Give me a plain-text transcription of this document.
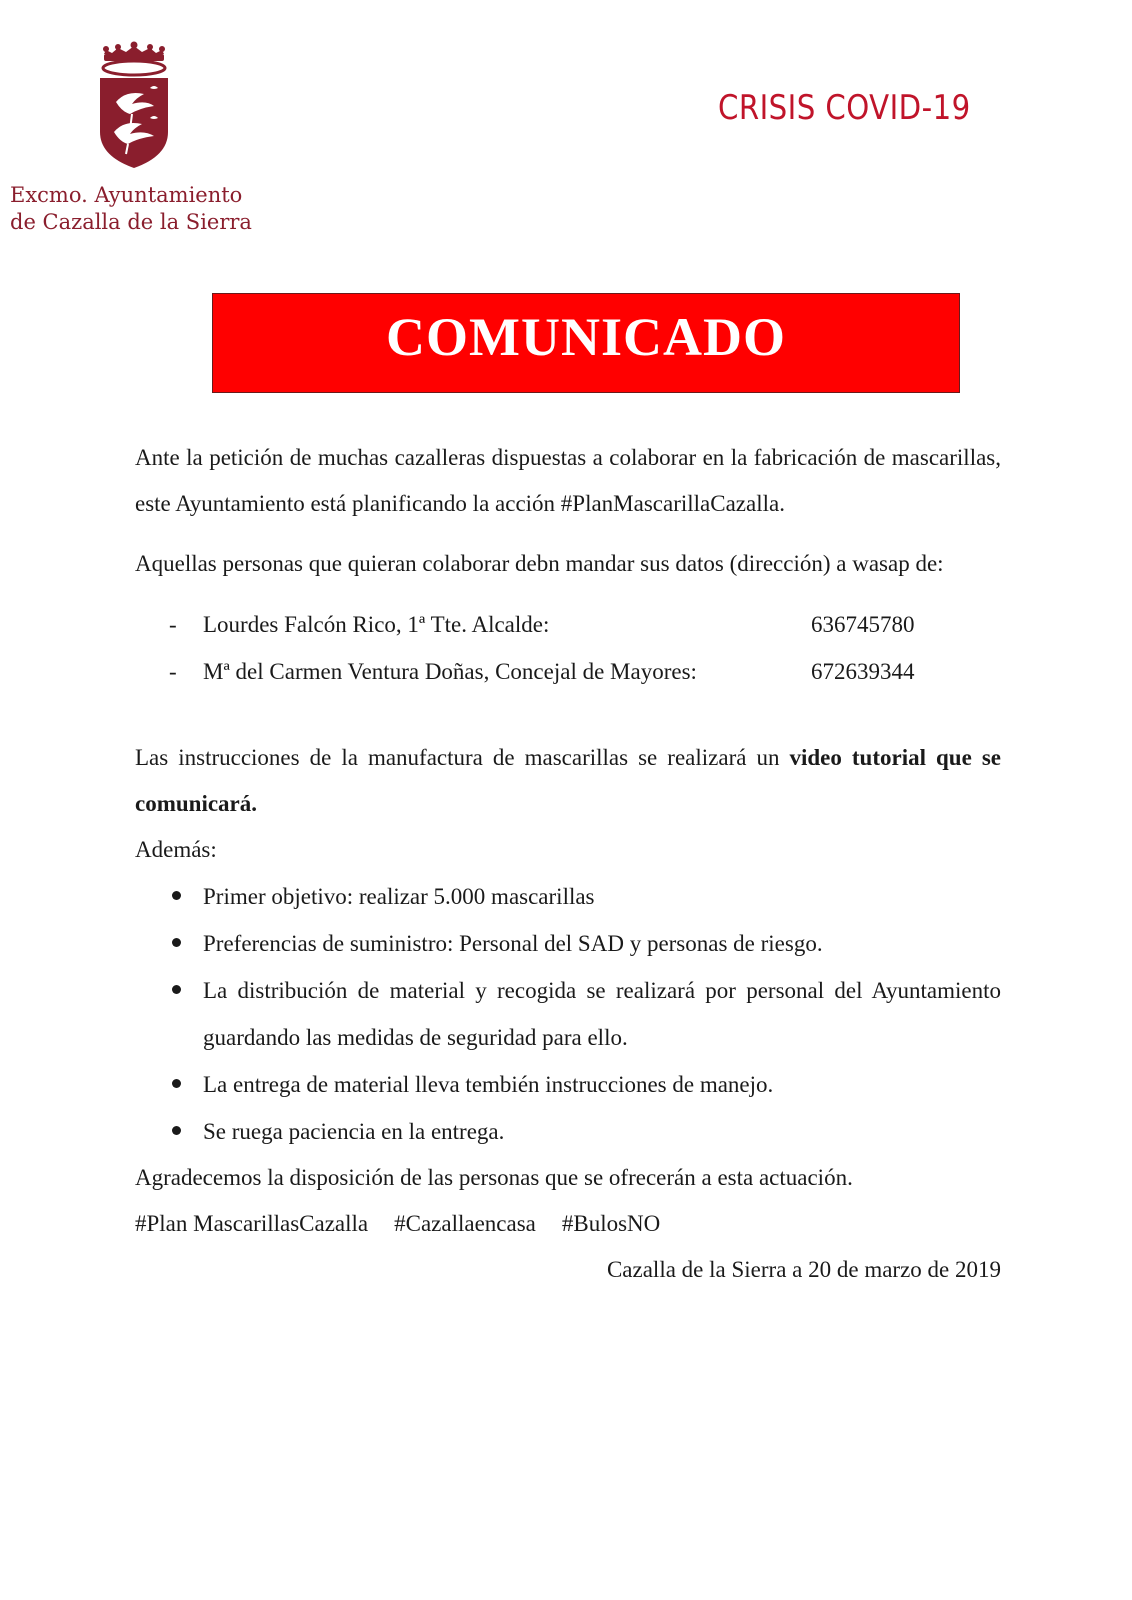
Excmo. Ayuntamiento
de Cazalla de la Sierra
CRISIS COVID-19
COMUNICADO
Ante la petición de muchas cazalleras dispuestas a colaborar en la fabricación de mascarillas, este Ayuntamiento está planificando la acción #PlanMascarillaCazalla.
Aquellas personas que quieran colaborar debn mandar sus datos (dirección) a wasap de:
-	Lourdes Falcón Rico, 1ª Tte. Alcalde:	636745780
-	Mª del Carmen Ventura Doñas, Concejal de Mayores:	672639344
Las instrucciones de la manufactura de mascarillas se realizará un video tutorial que se comunicará.
Además:
Primer objetivo: realizar 5.000 mascarillas
Preferencias de suministro: Personal del SAD y personas de riesgo.
La distribución de material y recogida se realizará por personal del Ayuntamiento guardando las medidas de seguridad para ello.
La entrega de material lleva tembién instrucciones de manejo.
Se ruega paciencia en la entrega.
Agradecemos la disposición de las personas que se ofrecerán a esta actuación.
#Plan MascarillasCazalla #Cazallaencasa #BulosNO
Cazalla de la Sierra a 20 de marzo de 2019
